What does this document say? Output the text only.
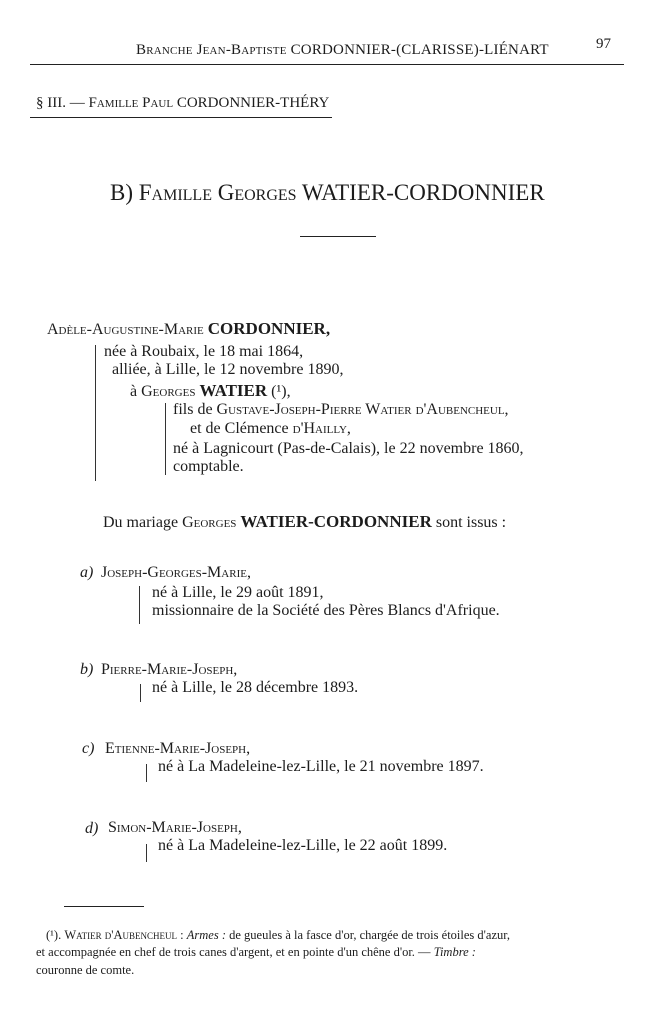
Branche Jean-Baptiste CORDONNIER-(CLARISSE)-LIÉNART	97
§ III. — Famille Paul CORDONNIER-THÉRY
B) Famille Georges WATIER-CORDONNIER
Adèle-Augustine-Marie CORDONNIER,
née à Roubaix, le 18 mai 1864,
alliée, à Lille, le 12 novembre 1890,
à Georges WATIER (¹),
fils de Gustave-Joseph-Pierre Watier d'Aubencheul,
et de Clémence d'Hailly,
né à Lagnicourt (Pas-de-Calais), le 22 novembre 1860,
comptable.
Du mariage Georges WATIER-CORDONNIER sont issus :
a) Joseph-Georges-Marie,
né à Lille, le 29 août 1891,
missionnaire de la Société des Pères Blancs d'Afrique.
b) Pierre-Marie-Joseph,
né à Lille, le 28 décembre 1893.
c) Etienne-Marie-Joseph,
né à La Madeleine-lez-Lille, le 21 novembre 1897.
d) Simon-Marie-Joseph,
né à La Madeleine-lez-Lille, le 22 août 1899.
(¹). Watier d'Aubencheul : Armes : de gueules à la fasce d'or, chargée de trois étoiles d'azur,
et accompagnée en chef de trois canes d'argent, et en pointe d'un chêne d'or. — Timbre :
couronne de comte.
